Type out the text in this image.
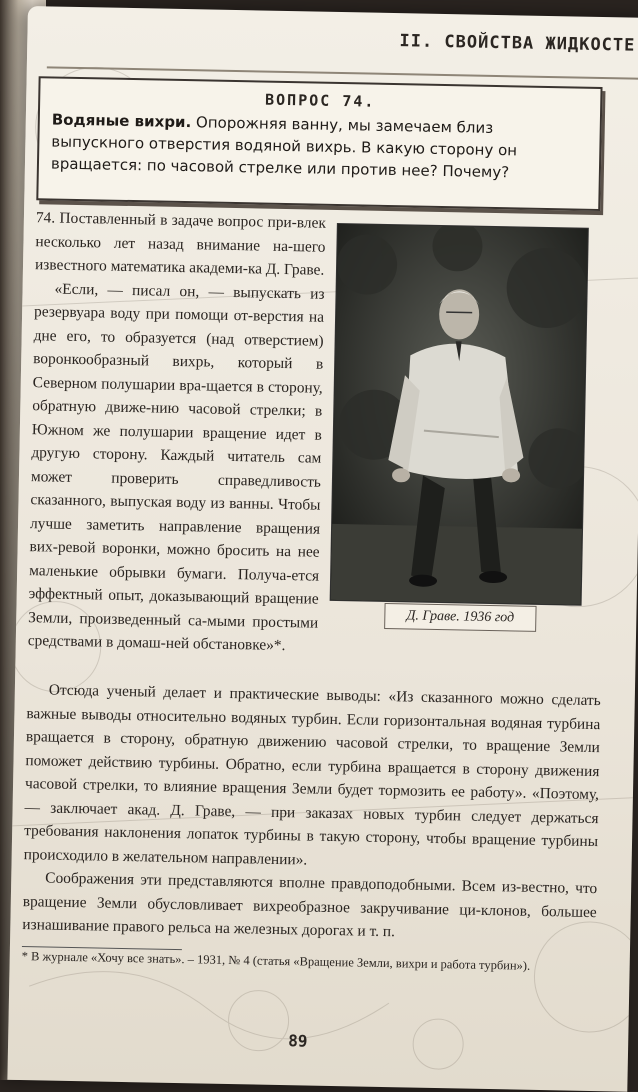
II. СВОЙСТВА ЖИДКОСТЕ
ВОПРОС 74.
Водяные вихри. Опорожняя ванну, мы замечаем близ выпускного отверстия водяной вихрь. В какую сторону он вращается: по часовой стрелке или против нее? Почему?

74. Поставленный в задаче вопрос при-влек несколько лет назад внимание на-шего известного математика академи-ка Д. Граве.

«Если, — писал он, — выпускать из резервуара воду при помощи от-верстия на дне его, то образуется (над отверстием) воронкообразный вихрь, который в Северном полушарии вра-щается в сторону, обратную движе-нию часовой стрелки; в Южном же полушарии вращение идет в другую сторону. Каждый читатель сам может проверить справедливость сказанного, выпуская воду из ванны. Чтобы лучше заметить направление вращения вих-ревой воронки, можно бросить на нее маленькие обрывки бумаги. Получа-ется эффектный опыт, доказывающий вращение Земли, произведенный са-мыми простыми средствами в домаш-ней обстановке»*.

Д. Граве. 1936 год

Отсюда ученый делает и практические выводы: «Из сказанного можно сделать важные выводы относительно водяных турбин. Если горизонтальная водяная турбина вращается в сторону, обратную движению часовой стрелки, то вращение Земли поможет действию турбины. Обратно, если турбина вращается в сторону движения часовой стрелки, то влияние вращения Земли будет тормозить ее работу». «Поэтому, — заключает акад. Д. Граве, — при заказах новых турбин следует держаться требования наклонения лопаток турбины в такую сторону, чтобы вращение турбины происходило в желательном направлении».

Соображения эти представляются вполне правдоподобными. Всем из-вестно, что вращение Земли обусловливает вихреобразное закручивание ци-клонов, большее изнашивание правого рельса на железных дорогах и т. п.

* В журнале «Хочу все знать». – 1931, № 4 (статья «Вращение Земли, вихри и работа турбин»).
89
